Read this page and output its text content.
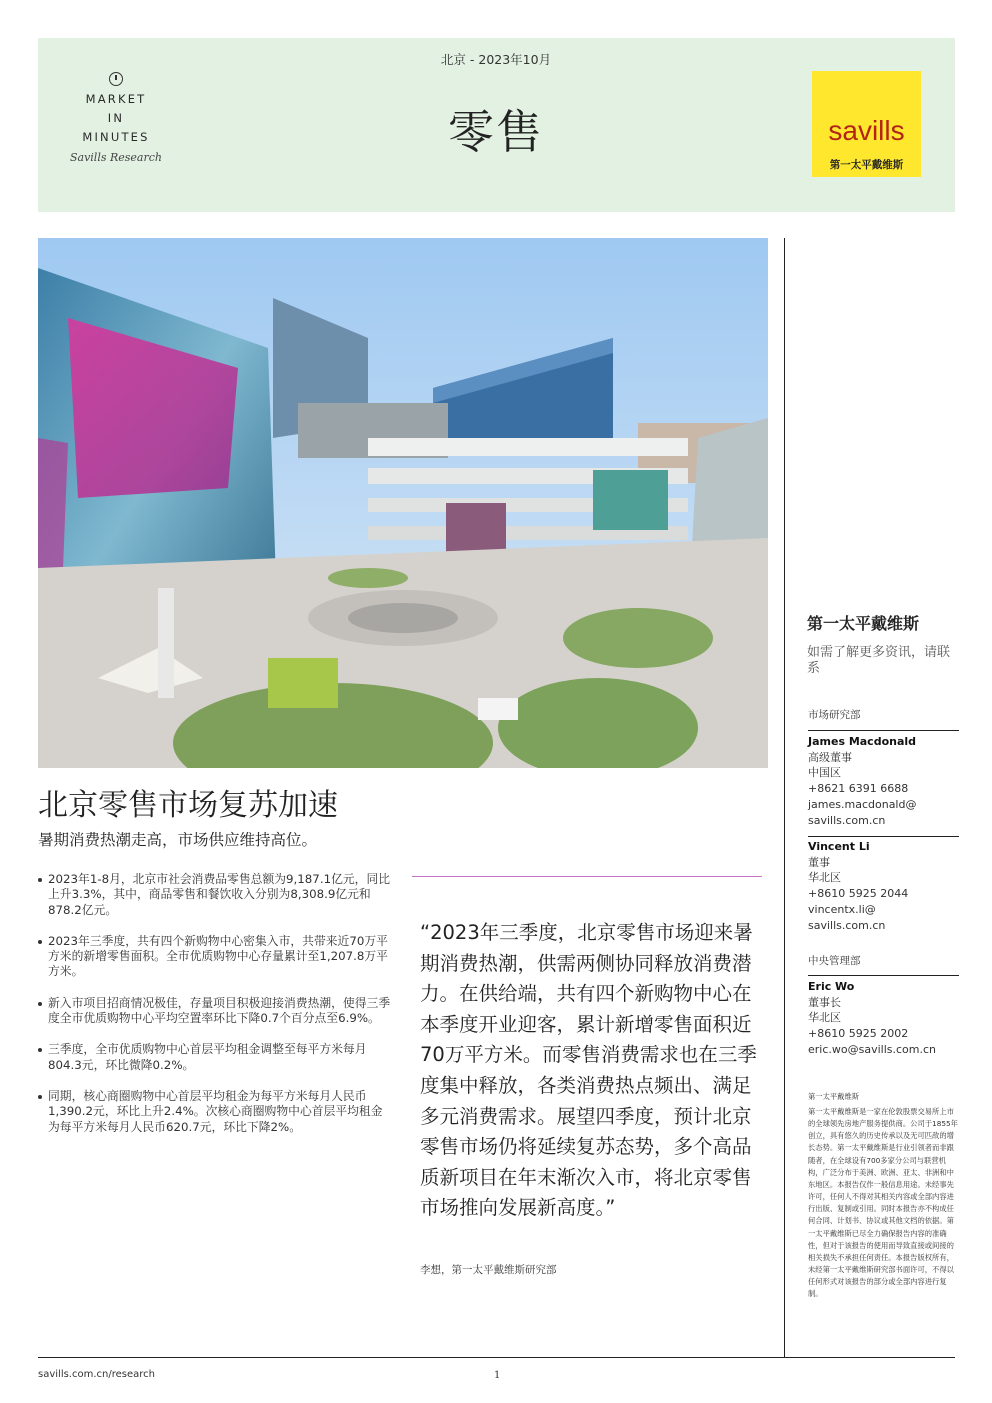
MARKET
IN
MINUTES
Savills Research
北京 - 2023年10月
零售	savills
第一太平戴维斯
北京零售市场复苏加速
暑期消费热潮走高，市场供应维持高位。
2023年1-8月，北京市社会消费品零售总额为9,187.1亿元，同比上升3.3%，其中，商品零售和餐饮收入分别为8,308.9亿元和878.2亿元。
2023年三季度，共有四个新购物中心密集入市，共带来近70万平方米的新增零售面积。全市优质购物中心存量累计至1,207.8万平方米。
新入市项目招商情况极佳，存量项目积极迎接消费热潮，使得三季度全市优质购物中心平均空置率环比下降0.7个百分点至6.9%。
三季度，全市优质购物中心首层平均租金调整至每平方米每月804.3元，环比微降0.2%。
同期，核心商圈购物中心首层平均租金为每平方米每月人民币1,390.2元，环比上升2.4%。次核心商圈购物中心首层平均租金为每平方米每月人民币620.7元，环比下降2%。
“2023年三季度，北京零售市场迎来暑期消费热潮，供需两侧协同释放消费潜力。在供给端，共有四个新购物中心在本季度开业迎客，累计新增零售面积近70万平方米。而零售消费需求也在三季度集中释放，各类消费热点频出、满足多元消费需求。展望四季度，预计北京零售市场仍将延续复苏态势，多个高品质新项目在年末渐次入市，将北京零售市场推向发展新高度。”
李想，第一太平戴维斯研究部
第一太平戴维斯
如需了解更多资讯，请联系
市场研究部
James Macdonald
高级董事
中国区
+8621 6391 6688
james.macdonald@
savills.com.cn
Vincent Li
董事
华北区
+8610 5925 2044
vincentx.li@
savills.com.cn
中央管理部
Eric Wo
董事长
华北区
+8610 5925 2002
eric.wo@savills.com.cn
第一太平戴维斯
第一太平戴维斯是一家在伦敦股票交易所上市的全球领先房地产服务提供商。公司于1855年创立，具有悠久的历史传承以及无可匹敌的增长态势。第一太平戴维斯是行业引领者而非跟随者，在全球设有700多家分公司与联营机构，广泛分布于美洲、欧洲、亚太、非洲和中东地区。本报告仅作一般信息用途。未经事先许可，任何人不得对其相关内容或全部内容进行出版、复制或引用。同时本报告亦不构成任何合同、计划书、协议或其他文档的依据。第一太平戴维斯已尽全力确保报告内容的准确性，但对于该报告的使用而导致直接或间接的相关损失不承担任何责任。本报告版权所有，未经第一太平戴维斯研究部书面许可，不得以任何形式对该报告的部分或全部内容进行复制。
savills.com.cn/research	1
